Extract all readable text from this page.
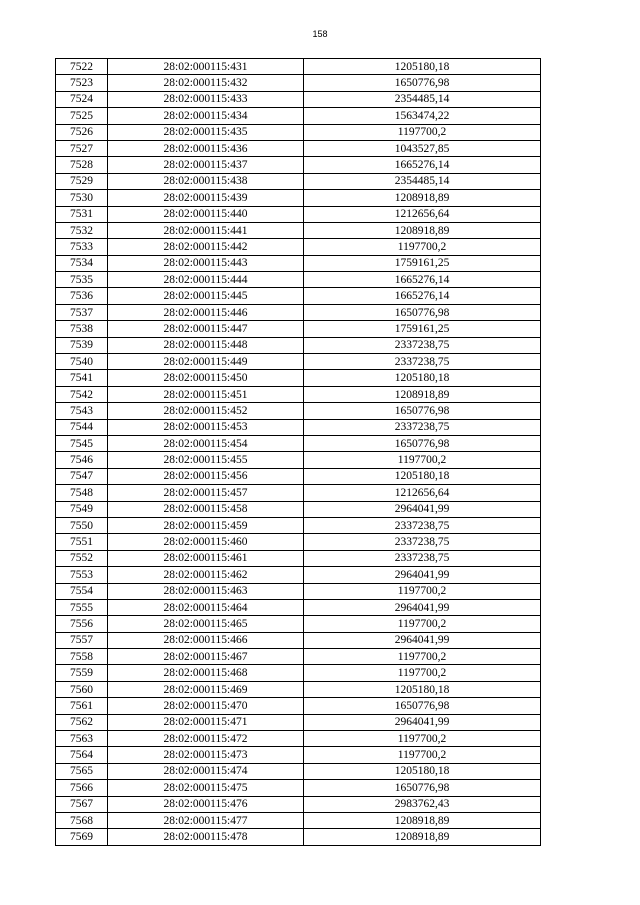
158
7522	28:02:000115:431	1205180,18
7523	28:02:000115:432	1650776,98
7524	28:02:000115:433	2354485,14
7525	28:02:000115:434	1563474,22
7526	28:02:000115:435	1197700,2
7527	28:02:000115:436	1043527,85
7528	28:02:000115:437	1665276,14
7529	28:02:000115:438	2354485,14
7530	28:02:000115:439	1208918,89
7531	28:02:000115:440	1212656,64
7532	28:02:000115:441	1208918,89
7533	28:02:000115:442	1197700,2
7534	28:02:000115:443	1759161,25
7535	28:02:000115:444	1665276,14
7536	28:02:000115:445	1665276,14
7537	28:02:000115:446	1650776,98
7538	28:02:000115:447	1759161,25
7539	28:02:000115:448	2337238,75
7540	28:02:000115:449	2337238,75
7541	28:02:000115:450	1205180,18
7542	28:02:000115:451	1208918,89
7543	28:02:000115:452	1650776,98
7544	28:02:000115:453	2337238,75
7545	28:02:000115:454	1650776,98
7546	28:02:000115:455	1197700,2
7547	28:02:000115:456	1205180,18
7548	28:02:000115:457	1212656,64
7549	28:02:000115:458	2964041,99
7550	28:02:000115:459	2337238,75
7551	28:02:000115:460	2337238,75
7552	28:02:000115:461	2337238,75
7553	28:02:000115:462	2964041,99
7554	28:02:000115:463	1197700,2
7555	28:02:000115:464	2964041,99
7556	28:02:000115:465	1197700,2
7557	28:02:000115:466	2964041,99
7558	28:02:000115:467	1197700,2
7559	28:02:000115:468	1197700,2
7560	28:02:000115:469	1205180,18
7561	28:02:000115:470	1650776,98
7562	28:02:000115:471	2964041,99
7563	28:02:000115:472	1197700,2
7564	28:02:000115:473	1197700,2
7565	28:02:000115:474	1205180,18
7566	28:02:000115:475	1650776,98
7567	28:02:000115:476	2983762,43
7568	28:02:000115:477	1208918,89
7569	28:02:000115:478	1208918,89
